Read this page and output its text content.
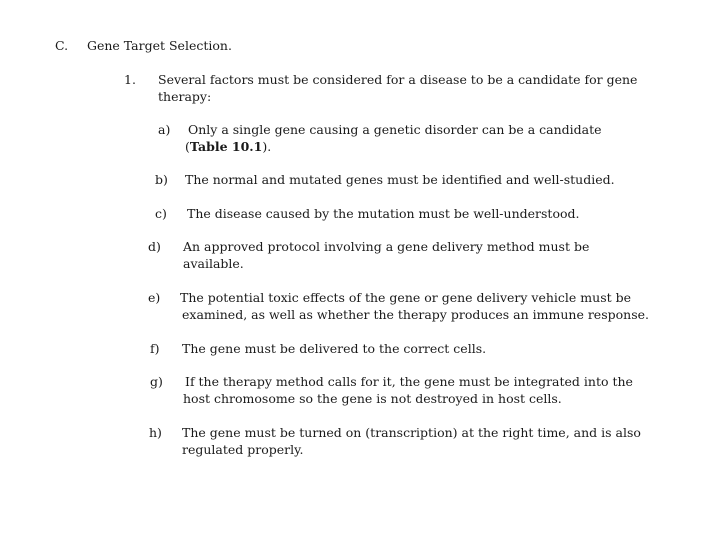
C. Gene Target Selection.
1. Several factors must be considered for a disease to be a candidate for gene
therapy:
a) Only a single gene causing a genetic disorder can be a candidate
(Table 10.1).
b) The normal and mutated genes must be identified and well-studied.
c) The disease caused by the mutation must be well-understood.
d) An approved protocol involving a gene delivery method must be
available.
e) The potential toxic effects of the gene or gene delivery vehicle must be
examined, as well as whether the therapy produces an immune response.
f) The gene must be delivered to the correct cells.
g) If the therapy method calls for it, the gene must be integrated into the
host chromosome so the gene is not destroyed in host cells.
h) The gene must be turned on (transcription) at the right time, and is also
regulated properly.
